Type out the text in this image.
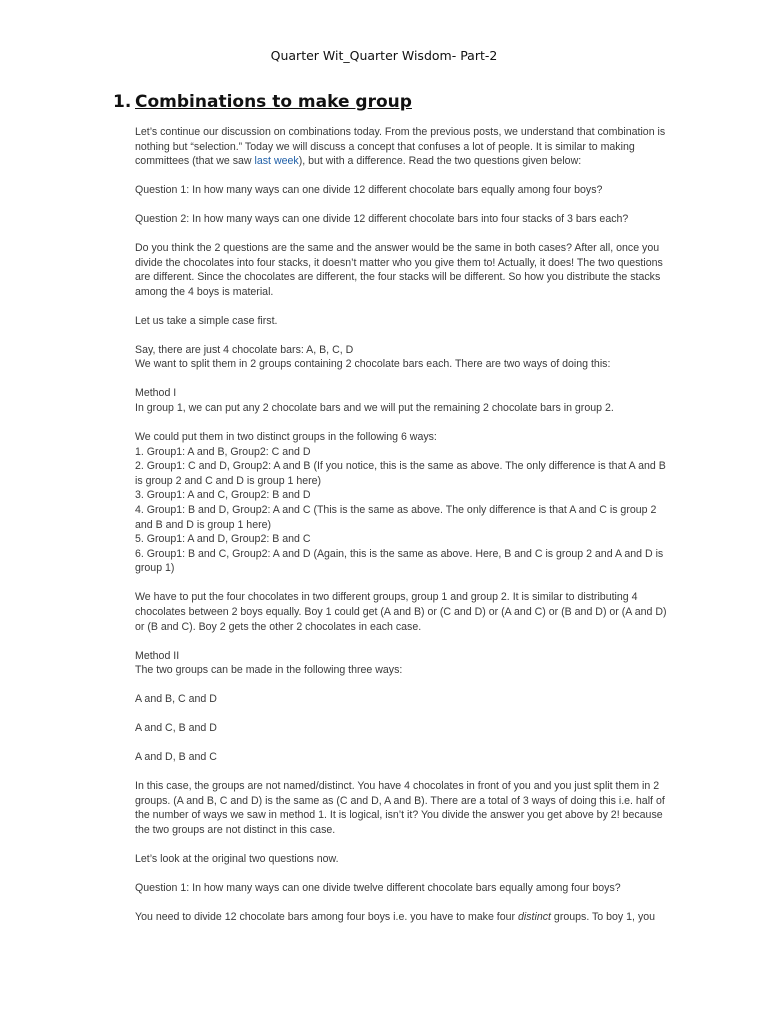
Quarter Wit_Quarter Wisdom- Part-2
1. Combinations to make group

Let’s continue our discussion on combinations today. From the previous posts, we understand that combination is nothing but “selection.” Today we will discuss a concept that confuses a lot of people. It is similar to making committees (that we saw last week), but with a difference. Read the two questions given below:

Question 1: In how many ways can one divide 12 different chocolate bars equally among four boys?

Question 2: In how many ways can one divide 12 different chocolate bars into four stacks of 3 bars each?

Do you think the 2 questions are the same and the answer would be the same in both cases? After all, once you divide the chocolates into four stacks, it doesn’t matter who you give them to! Actually, it does! The two questions are different. Since the chocolates are different, the four stacks will be different. So how you distribute the stacks among the 4 boys is material.

Let us take a simple case first.

Say, there are just 4 chocolate bars: A, B, C, D
We want to split them in 2 groups containing 2 chocolate bars each. There are two ways of doing this:

Method I
In group 1, we can put any 2 chocolate bars and we will put the remaining 2 chocolate bars in group 2.

We could put them in two distinct groups in the following 6 ways:
1. Group1: A and B, Group2: C and D
2. Group1: C and D, Group2: A and B (If you notice, this is the same as above. The only difference is that A and B is group 2 and C and D is group 1 here)
3. Group1: A and C, Group2: B and D
4. Group1: B and D, Group2: A and C (This is the same as above. The only difference is that A and C is group 2 and B and D is group 1 here)
5. Group1: A and D, Group2: B and C
6. Group1: B and C, Group2: A and D (Again, this is the same as above. Here, B and C is group 2 and A and D is group 1)

We have to put the four chocolates in two different groups, group 1 and group 2. It is similar to distributing 4 chocolates between 2 boys equally. Boy 1 could get (A and B) or (C and D) or (A and C) or (B and D) or (A and D) or (B and C). Boy 2 gets the other 2 chocolates in each case.

Method II
The two groups can be made in the following three ways:

A and B, C and D

A and C, B and D

A and D, B and C

In this case, the groups are not named/distinct. You have 4 chocolates in front of you and you just split them in 2 groups. (A and B, C and D) is the same as (C and D, A and B). There are a total of 3 ways of doing this i.e. half of the number of ways we saw in method 1. It is logical, isn’t it? You divide the answer you get above by 2! because the two groups are not distinct in this case.

Let’s look at the original two questions now.

Question 1: In how many ways can one divide twelve different chocolate bars equally among four boys?

You need to divide 12 chocolate bars among four boys i.e. you have to make four distinct groups. To boy 1, you
